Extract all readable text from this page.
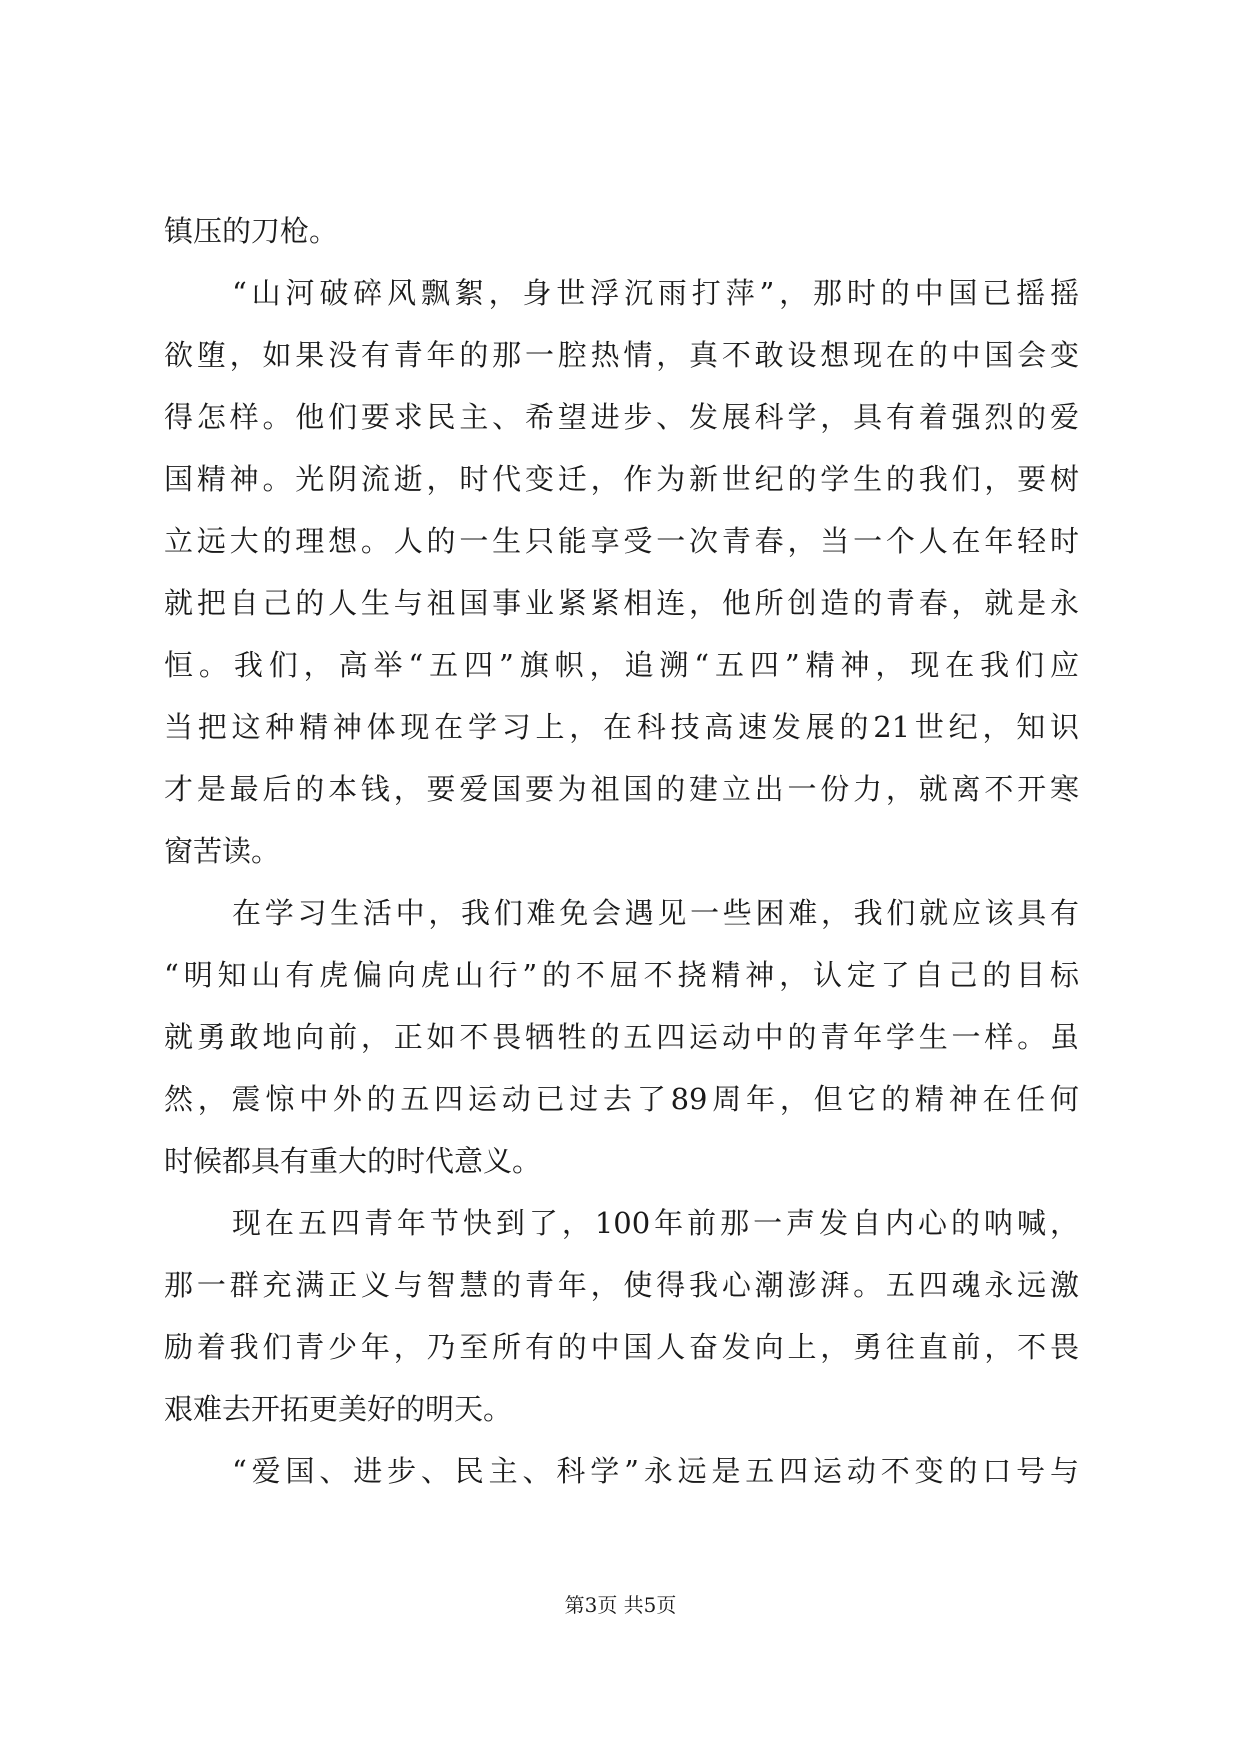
镇压的刀枪。
“山河破碎风飘絮，身世浮沉雨打萍”，那时的中国已摇摇
欲堕，如果没有青年的那一腔热情，真不敢设想现在的中国会变
得怎样。他们要求民主、希望进步、发展科学，具有着强烈的爱
国精神。光阴流逝，时代变迁，作为新世纪的学生的我们，要树
立远大的理想。人的一生只能享受一次青春，当一个人在年轻时
就把自己的人生与祖国事业紧紧相连，他所创造的青春，就是永
恒。我们，高举“五四”旗帜，追溯“五四”精神，现在我们应
当把这种精神体现在学习上，在科技高速发展的21世纪，知识
才是最后的本钱，要爱国要为祖国的建立出一份力，就离不开寒
窗苦读。
在学习生活中，我们难免会遇见一些困难，我们就应该具有
“明知山有虎偏向虎山行”的不屈不挠精神，认定了自己的目标
就勇敢地向前，正如不畏牺牲的五四运动中的青年学生一样。虽
然，震惊中外的五四运动已过去了89周年，但它的精神在任何
时候都具有重大的时代意义。
现在五四青年节快到了，100年前那一声发自内心的呐喊，
那一群充满正义与智慧的青年，使得我心潮澎湃。五四魂永远激
励着我们青少年，乃至所有的中国人奋发向上，勇往直前，不畏
艰难去开拓更美好的明天。
“爱国、进步、民主、科学”永远是五四运动不变的口号与
第3页 共5页
